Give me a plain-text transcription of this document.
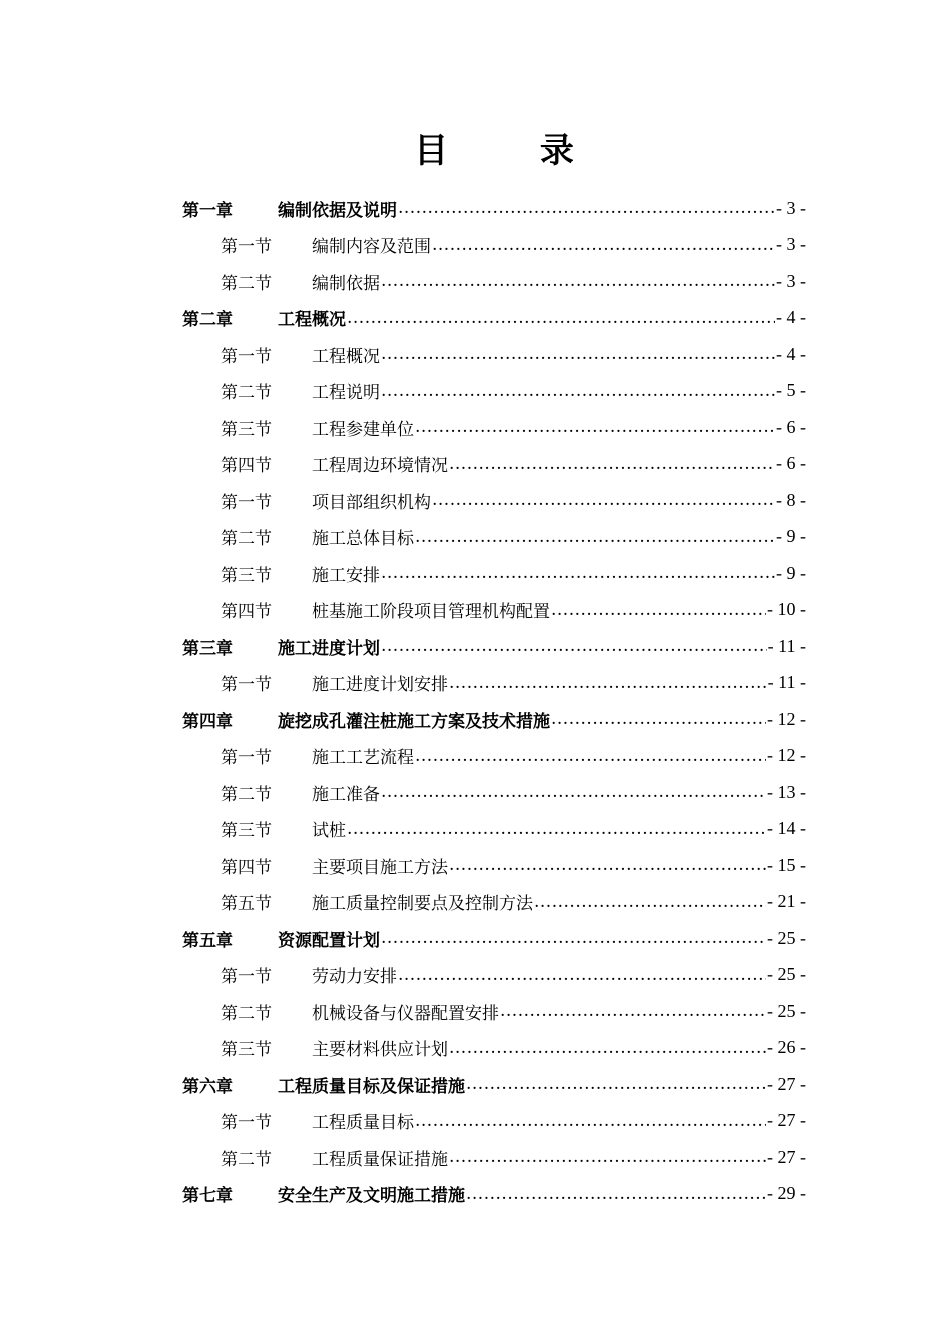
目 录
第一章	编制依据及说明 .....	- 3 -
第一节	编制内容及范围 .....	- 3 -
第二节	编制依据 .....	- 3 -
第二章	工程概况 .....	- 4 -
第一节	工程概况 .....	- 4 -
第二节	工程说明 .....	- 5 -
第三节	工程参建单位 .....	- 6 -
第四节	工程周边环境情况 .....	- 6 -
第一节	项目部组织机构 .....	- 8 -
第二节	施工总体目标 .....	- 9 -
第三节	施工安排 .....	- 9 -
第四节	桩基施工阶段项目管理机构配置 .....	- 10 -
第三章	施工进度计划 .....	- 11 -
第一节	施工进度计划安排 .....	- 11 -
第四章	旋挖成孔灌注桩施工方案及技术措施 .....	- 12 -
第一节	施工工艺流程 .....	- 12 -
第二节	施工准备 .....	- 13 -
第三节	试桩 .....	- 14 -
第四节	主要项目施工方法 .....	- 15 -
第五节	施工质量控制要点及控制方法 .....	- 21 -
第五章	资源配置计划 .....	- 25 -
第一节	劳动力安排 .....	- 25 -
第二节	机械设备与仪器配置安排 .....	- 25 -
第三节	主要材料供应计划 .....	- 26 -
第六章	工程质量目标及保证措施 .....	- 27 -
第一节	工程质量目标 .....	- 27 -
第二节	工程质量保证措施 .....	- 27 -
第七章	安全生产及文明施工措施 .....	- 29 -
